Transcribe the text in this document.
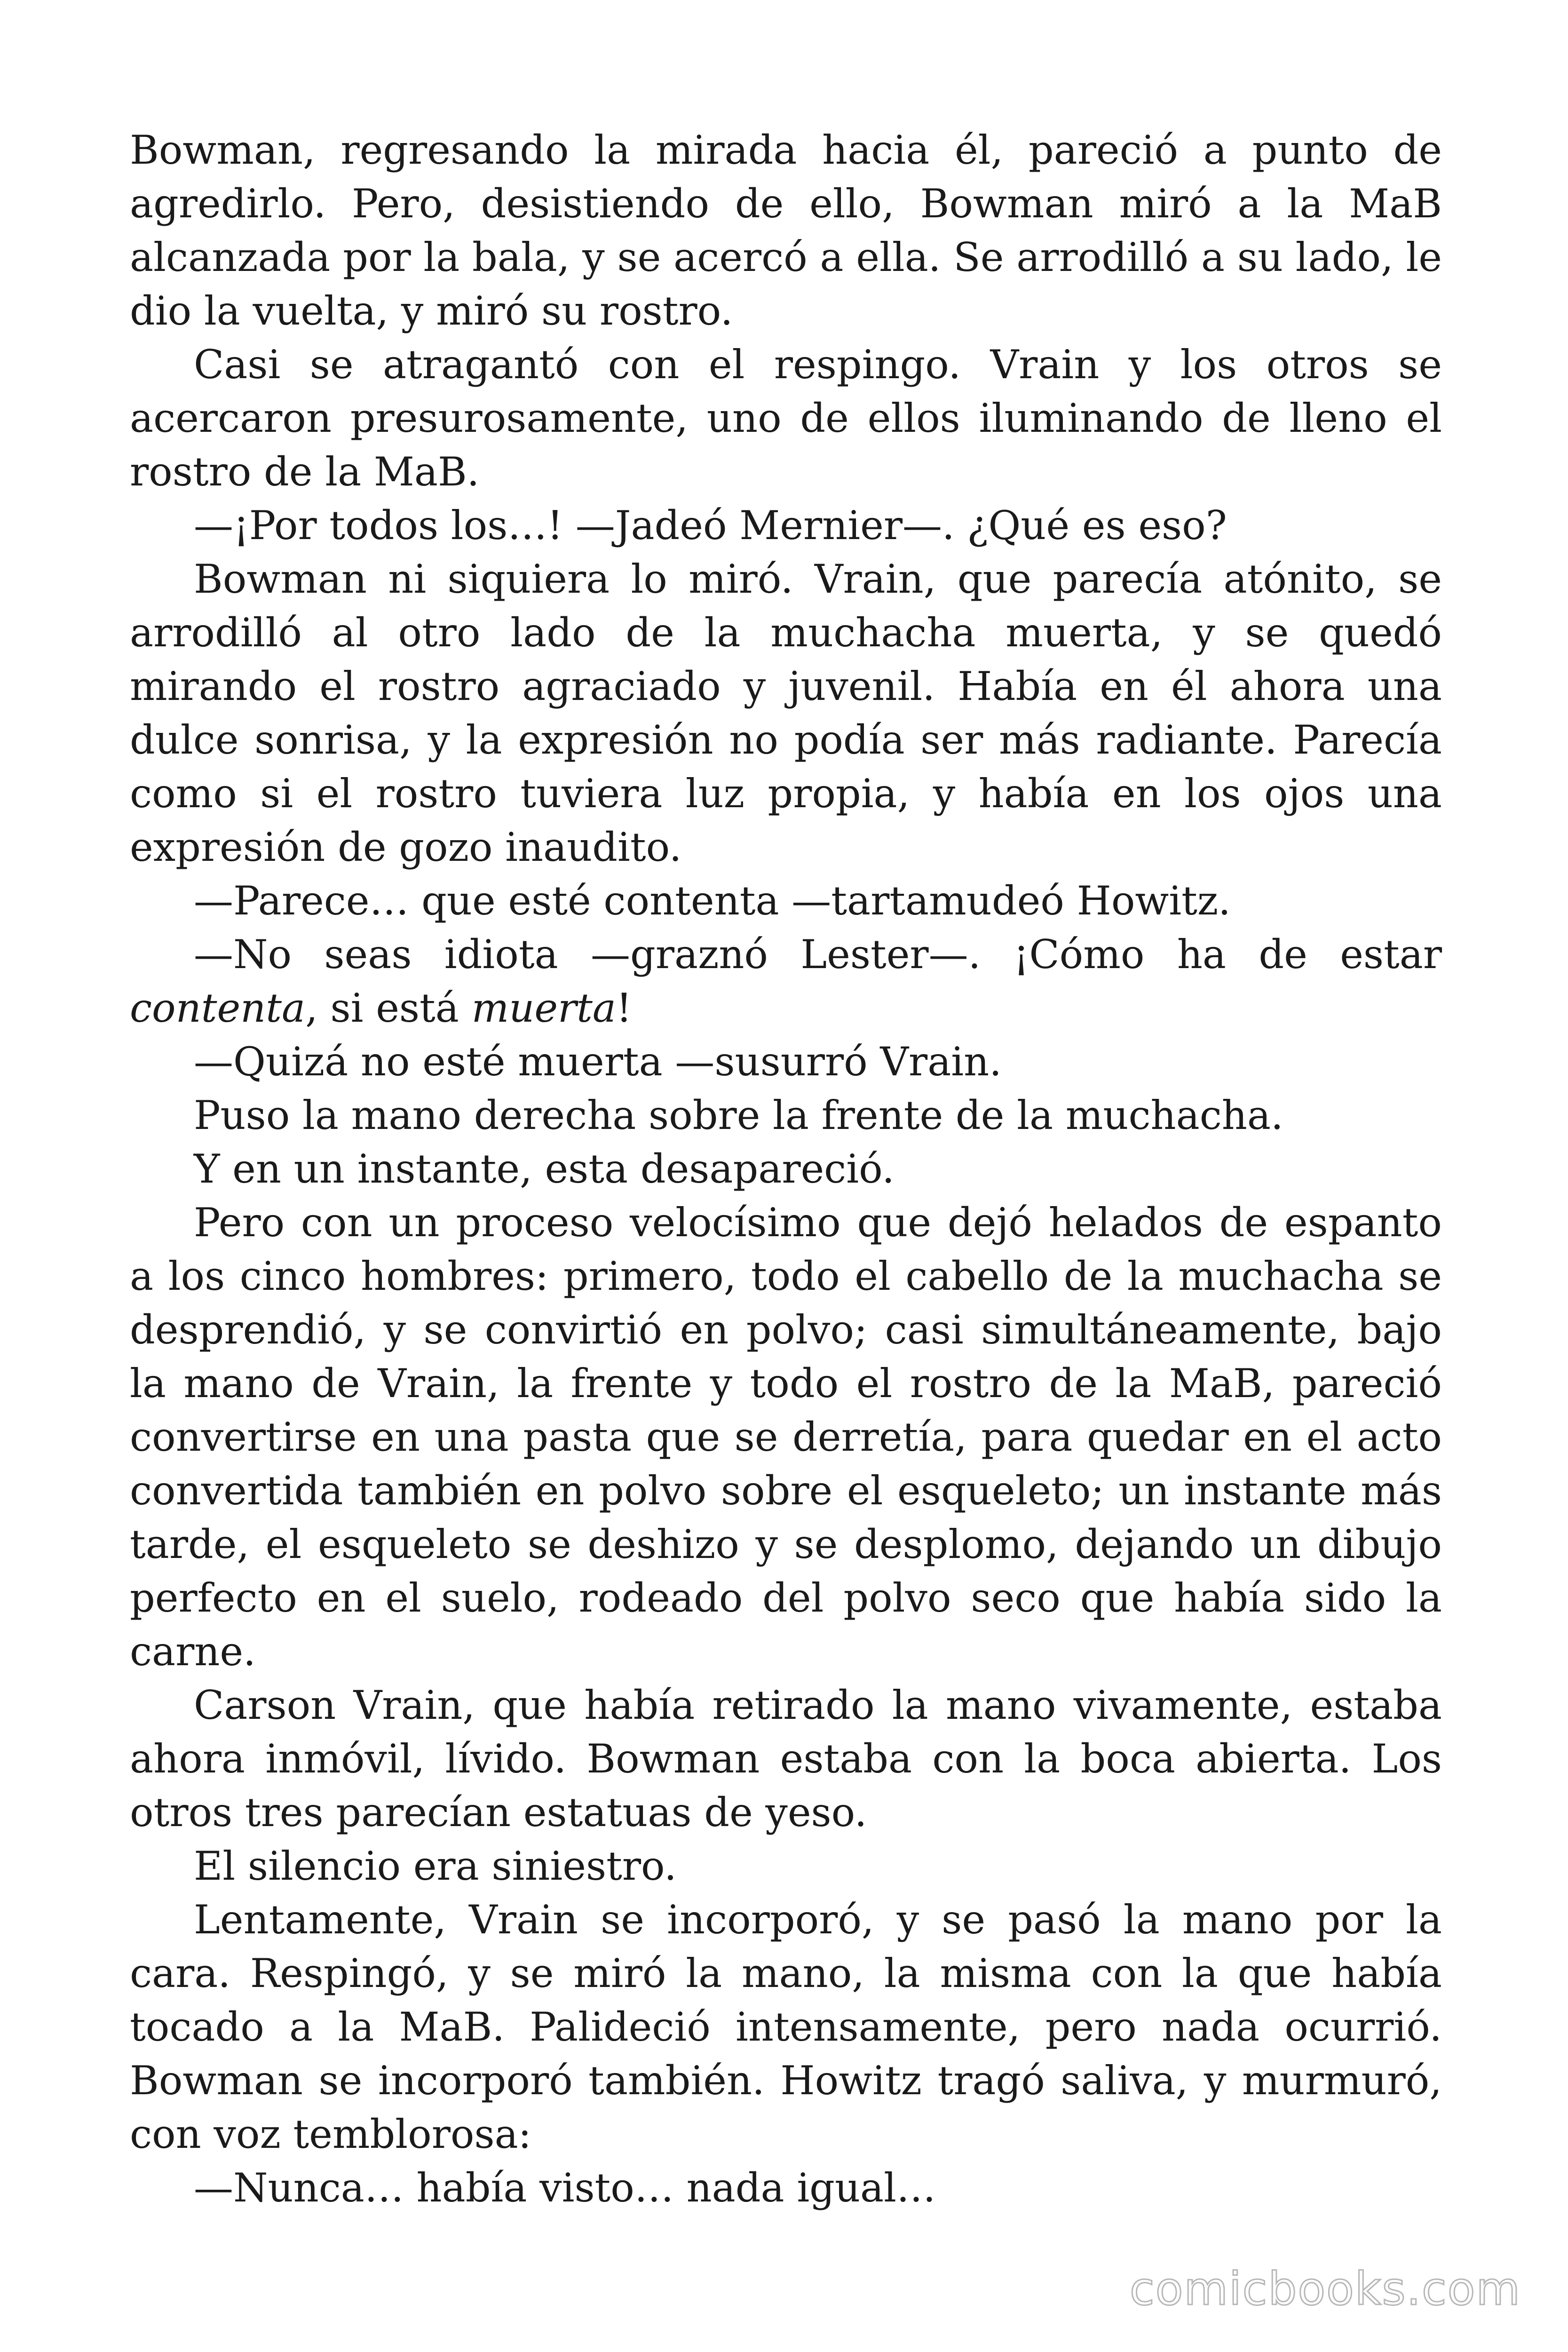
Bowman, regresando la mirada hacia él, pareció a punto de agredirlo. Pero, desistiendo de ello, Bowman miró a la MaB alcanzada por la bala, y se acercó a ella. Se arrodilló a su lado, le dio la vuelta, y miró su rostro.

Casi se atragantó con el respingo. Vrain y los otros se acercaron presurosamente, uno de ellos iluminando de lleno el rostro de la MaB.

—¡Por todos los…! —Jadeó Mernier—. ¿Qué es eso?

Bowman ni siquiera lo miró. Vrain, que parecía atónito, se arrodilló al otro lado de la muchacha muerta, y se quedó mirando el rostro agraciado y juvenil. Había en él ahora una dulce sonrisa, y la expresión no podía ser más radiante. Parecía como si el rostro tuviera luz propia, y había en los ojos una expresión de gozo inaudito.

—Parece… que esté contenta —tartamudeó Howitz.

—No seas idiota —graznó Lester—. ¡Cómo ha de estar contenta, si está muerta!

—Quizá no esté muerta —susurró Vrain.

Puso la mano derecha sobre la frente de la muchacha.

Y en un instante, esta desapareció.

Pero con un proceso velocísimo que dejó helados de espanto a los cinco hombres: primero, todo el cabello de la muchacha se desprendió, y se convirtió en polvo; casi simultáneamente, bajo la mano de Vrain, la frente y todo el rostro de la MaB, pareció convertirse en una pasta que se derretía, para quedar en el acto convertida también en polvo sobre el esqueleto; un instante más tarde, el esqueleto se deshizo y se desplomo, dejando un dibujo perfecto en el suelo, rodeado del polvo seco que había sido la carne.

Carson Vrain, que había retirado la mano vivamente, estaba ahora inmóvil, lívido. Bowman estaba con la boca abierta. Los otros tres parecían estatuas de yeso.

El silencio era siniestro.

Lentamente, Vrain se incorporó, y se pasó la mano por la cara. Respingó, y se miró la mano, la misma con la que había tocado a la MaB. Palideció intensamente, pero nada ocurrió. Bowman se incorporó también. Howitz tragó saliva, y murmuró, con voz temblorosa:

—Nunca… había visto… nada igual…

comicbooks.com
